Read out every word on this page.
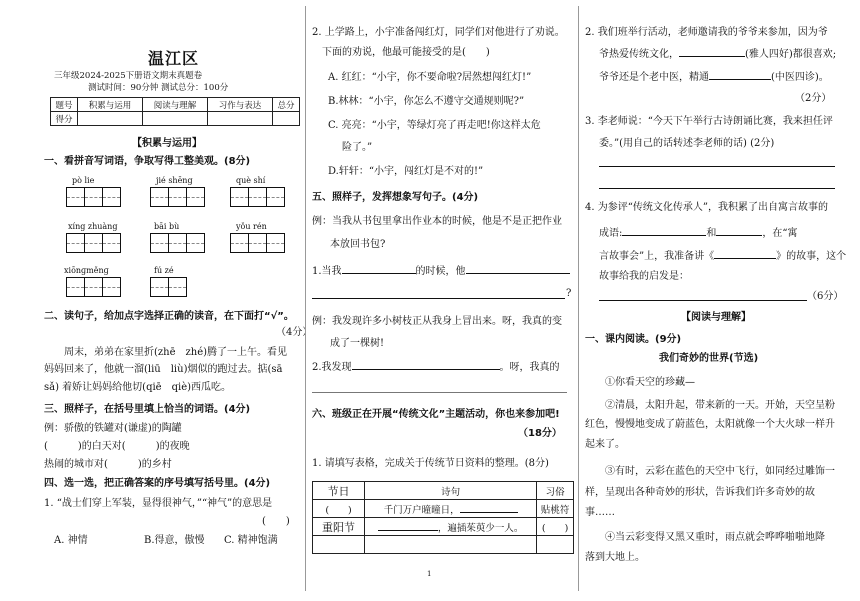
温江区
三年级2024-2025下册语文期末真题卷
测试时间：90分钟 测试总分：100分
题号	积累与运用	阅读与理解	习作与表达	总分
得分				
【积累与运用】
一、看拼音写词语，争取写得工整美观。(8分)
pò lie	jié shēng	què shí
xíng zhuàng	bāi bù	yǒu rén
xiōnɡměnɡ	fú zé
二、读句子，给加点字选择正确的读音，在下面打“√”。
（4分）
周末，弟弟在家里折(zhē　zhé)腾了一上午。看见
妈妈回来了，他就一溜(liū　liù)烟似的跑过去。掂(sā
sǎ) 着娇让妈妈给他切(qiē　qiè)西瓜吃。
三、照样子，在括号里填上恰当的词语。(4分)
例：骄傲的铁罐对(谦虚)的陶罐
(　　　)的白天对(　　　)的夜晚
热闹的城市对(　　　)的乡村
四、选一选，把正确答案的序号填写括号里。(4分)
1. “战士们穿上军装，显得很神气，”“神气”的意思是
(　　)
A. 神情	B.得意，傲慢 C. 精神饱满
2. 上学路上，小宇准备闯红灯，同学们对他进行了劝说。
下面的劝说，他最可能接受的是(　　)
A. 红红：“小宇，你不要命啦?居然想闯红灯!”
B.林林：“小宇，你怎么不遵守交通规则呢?”
C. 亮亮：“小宇，等绿灯亮了再走吧!你这样太危
险了。”
D.轩轩：“小宇，闯红灯是不对的!”
五、照样子，发挥想象写句子。(4分)
例：当我从书包里拿出作业本的时候，他是不是正把作业
本放回书包?
1.当我	的时候，他
?
例：我发现许多小树枝正从我身上冒出来。呀，我真的变
成了一棵树!
2.我发现	。呀，我真的
六、班级正在开展“传统文化”主题活动，你也来参加吧!
（18分）
1. 请填写表格，完成关于传统节日资料的整理。(8分)
节日	诗句	习俗
(　　)	千门万户曈曈日，	贴桃符
重阳节	，遍插茱萸少一人。	(　　)

2. 我们班举行活动，老师邀请我的爷爷来参加，因为爷
爷热爱传统文化，	(雅人四好)都很喜欢;
爷爷还是个老中医，精通	(中医四诊)。
（2分）
3. 李老师说：“今天下午举行古诗朗诵比赛，我来担任评
委。”(用自己的话转述李老师的话) (2分)
4. 为参评“传统文化传承人”，我积累了出自寓言故事的
成语:	和	，在“寓
言故事会”上，我准备讲《	》的故事，这个
故事给我的启发是：
（6分）
【阅读与理解】
一、课内阅读。(9分)
我们奇妙的世界(节选)
①你看天空的珍藏—
②清晨，太阳升起，带来新的一天。开始，天空呈粉
红色，慢慢地变成了蔚蓝色，太阳就像一个大火球一样升
起来了。
③有时，云彩在蓝色的天空中飞行，如同经过雕饰一
样，呈现出各种奇妙的形状，告诉我们许多奇妙的故
事……
④当云彩变得又黑又重时，雨点就会哗哗啪啪地降
落到大地上。
1
